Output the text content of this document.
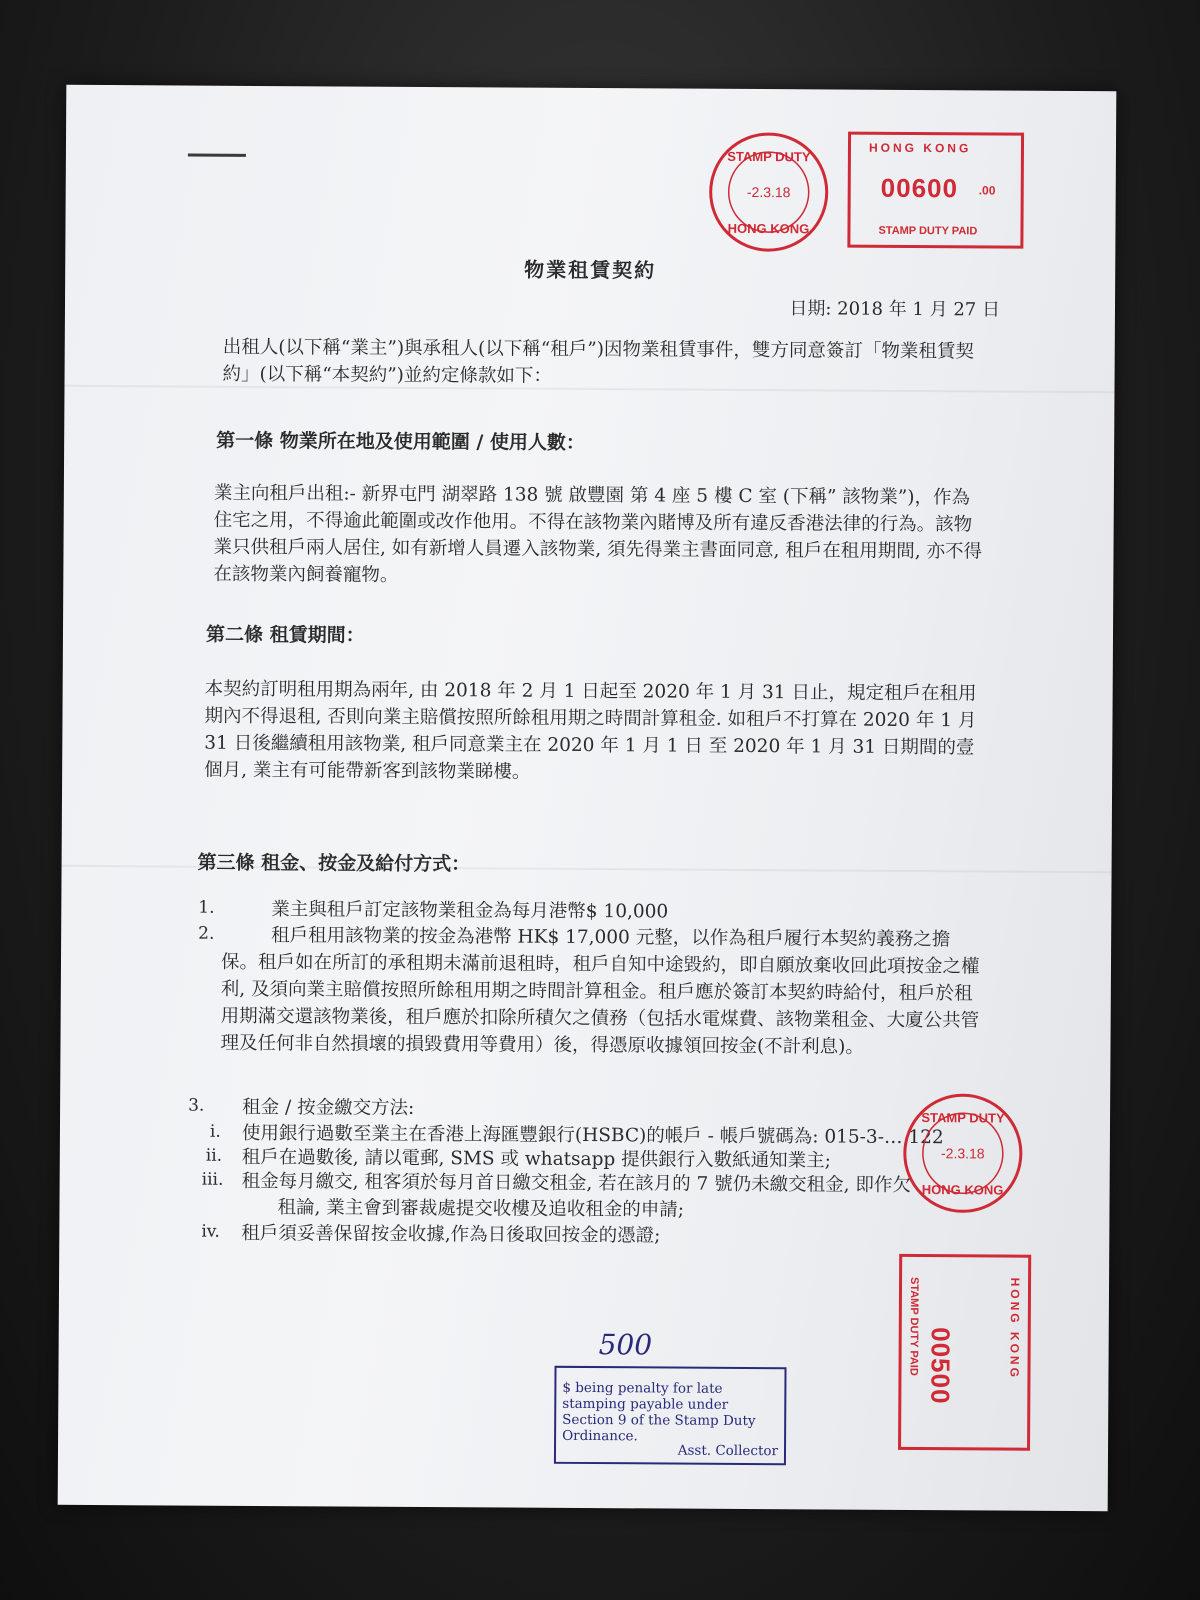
STAMP DUTY
-2.3.18
HONG KONG
HONG KONG
00600 .00
STAMP DUTY PAID
物業租賃契約
日期: 2018 年 1 月 27 日
出租人(以下稱“業主”)與承租人(以下稱“租戶”)因物業租賃事件，雙方同意簽訂「物業租賃契約」(以下稱“本契約”)並約定條款如下：
第一條 物業所在地及使用範圍 / 使用人數：
業主向租戶出租:- 新界屯門 湖翠路 138 號 啟豐園 第 4 座 5 樓 C 室 (下稱” 該物業”)，作為住宅之用，不得逾此範圍或改作他用。不得在該物業內賭博及所有違反香港法律的行為。該物業只供租戶兩人居住, 如有新增人員遷入該物業, 須先得業主書面同意, 租戶在租用期間, 亦不得在該物業內飼養寵物。
第二條 租賃期間：
本契約訂明租用期為兩年, 由 2018 年 2 月 1 日起至 2020 年 1 月 31 日止，規定租戶在租用期內不得退租, 否則向業主賠償按照所餘租用期之時間計算租金. 如租戶不打算在 2020 年 1 月 31 日後繼續租用該物業, 租戶同意業主在 2020 年 1 月 1 日 至 2020 年 1 月 31 日期間的壹個月, 業主有可能帶新客到該物業睇樓。
第三條 租金、按金及給付方式：
1.	業主與租戶訂定該物業租金為每月港幣$ 10,000
2.	租戶租用該物業的按金為港幣 HK$ 17,000 元整，以作為租戶履行本契約義務之擔
保。租戶如在所訂的承租期未滿前退租時，租戶自知中途毀約，即自願放棄收回此項按金之權利, 及須向業主賠償按照所餘租用期之時間計算租金。租戶應於簽訂本契約時給付，租戶於租用期滿交還該物業後，租戶應於扣除所積欠之債務（包括水電煤費、該物業租金、大廈公共管理及任何非自然損壞的損毀費用等費用）後，得憑原收據領回按金(不計利息)。
3. 租金 / 按金繳交方法:
i. 使用銀行過數至業主在香港上海匯豐銀行(HSBC)的帳戶 - 帳戶號碼為: 015-3-… 122
ii. 租戶在過數後, 請以電郵, SMS 或 whatsapp 提供銀行入數紙通知業主;
iii. 租金每月繳交, 租客須於每月首日繳交租金, 若在該月的 7 號仍未繳交租金, 即作欠
租論, 業主會到審裁處提交收樓及追收租金的申請;
iv. 租戶須妥善保留按金收據,作為日後取回按金的憑證;
STAMP DUTY
-2.3.18
HONG KONG
HONG KONG
00500
STAMP DUTY PAID
500
$ being penalty for late stamping payable under Section 9 of the Stamp Duty Ordinance.
Asst. Collector
